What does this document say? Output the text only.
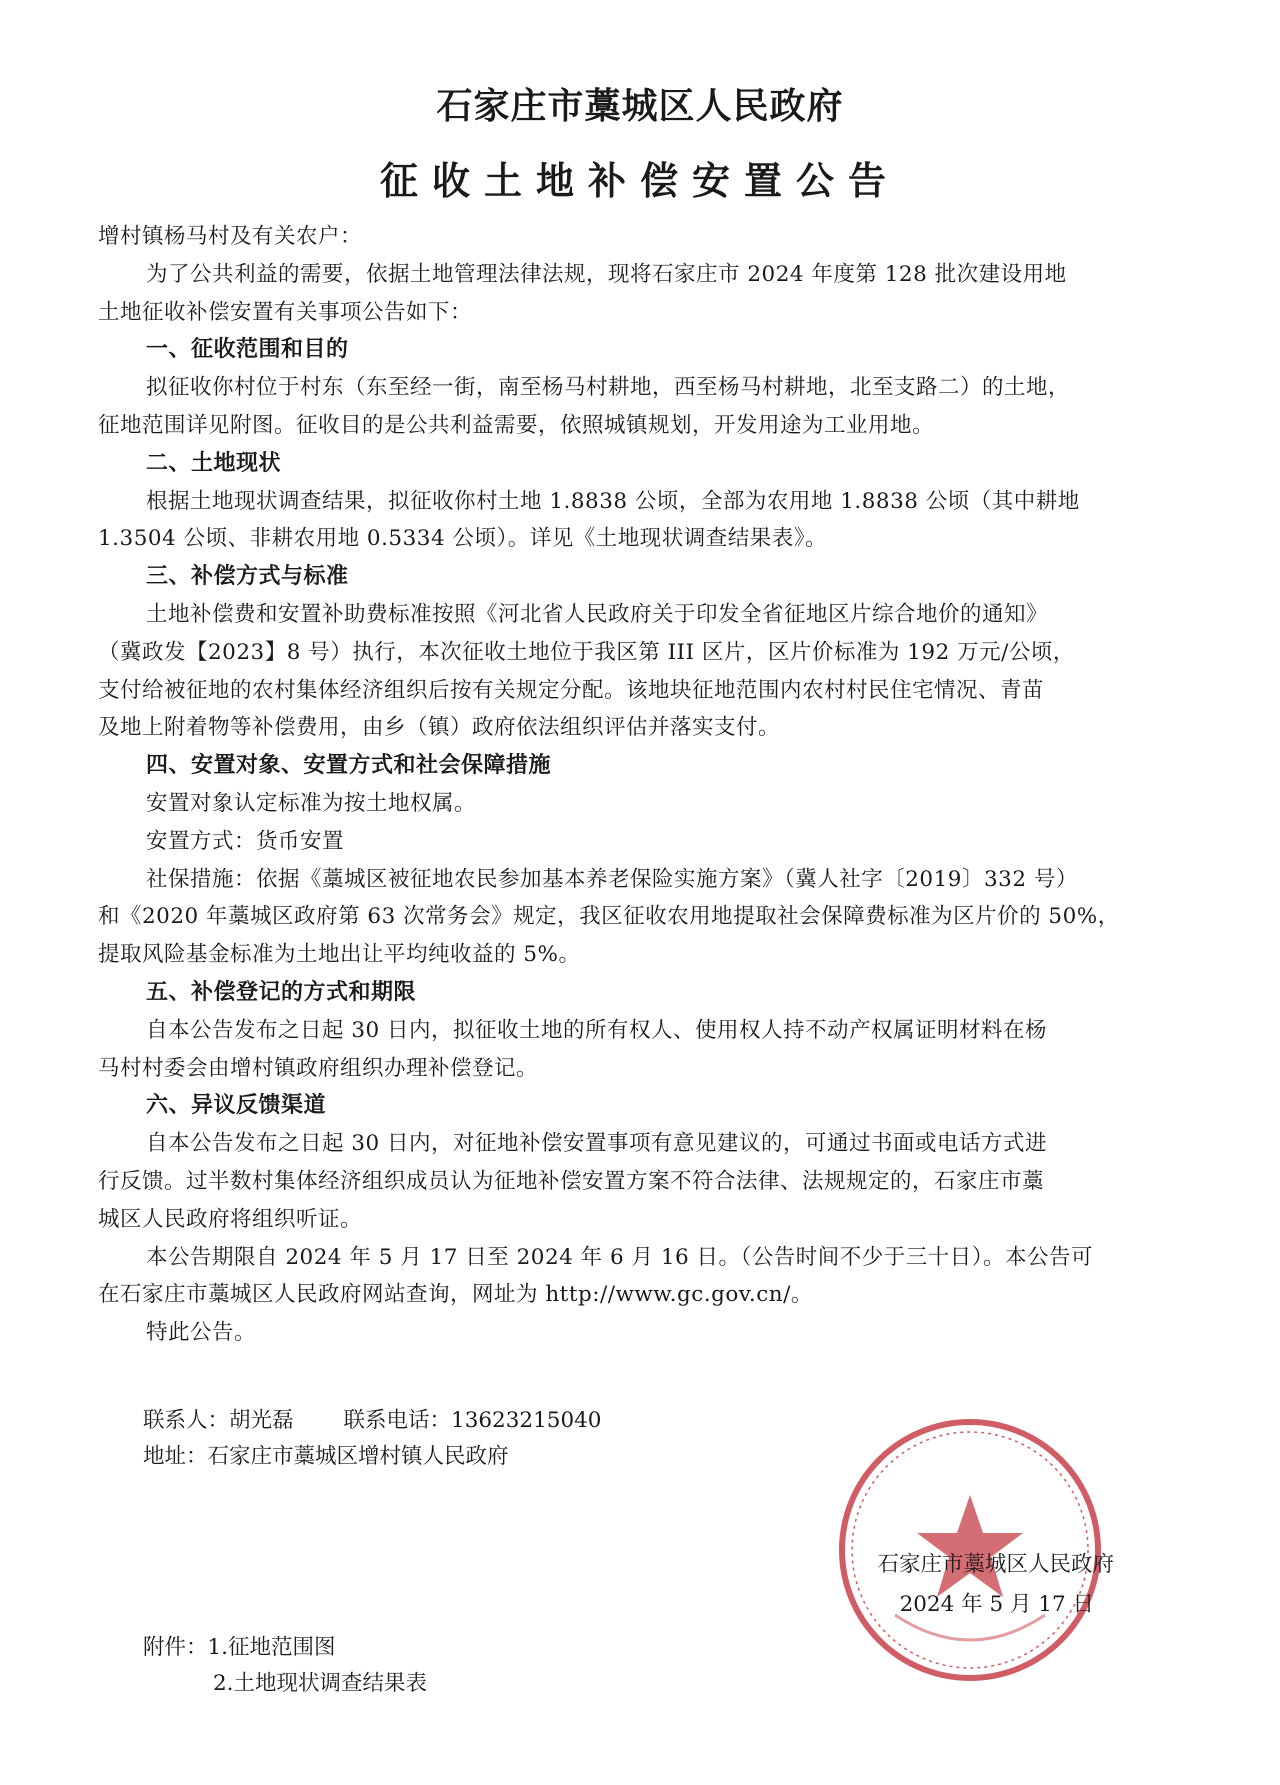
石家庄市藁城区人民政府
征收土地补偿安置公告
增村镇杨马村及有关农户：
为了公共利益的需要，依据土地管理法律法规，现将石家庄市 2024 年度第 128 批次建设用地
土地征收补偿安置有关事项公告如下：
一、征收范围和目的
拟征收你村位于村东（东至经一街，南至杨马村耕地，西至杨马村耕地，北至支路二）的土地，
征地范围详见附图。征收目的是公共利益需要，依照城镇规划，开发用途为工业用地。
二、土地现状
根据土地现状调查结果，拟征收你村土地 1.8838 公顷，全部为农用地 1.8838 公顷（其中耕地
1.3504 公顷、非耕农用地 0.5334 公顷）。详见《土地现状调查结果表》。
三、补偿方式与标准
土地补偿费和安置补助费标准按照《河北省人民政府关于印发全省征地区片综合地价的通知》
（冀政发【2023】8 号）执行，本次征收土地位于我区第 III 区片，区片价标准为 192 万元/公顷，
支付给被征地的农村集体经济组织后按有关规定分配。该地块征地范围内农村村民住宅情况、青苗
及地上附着物等补偿费用，由乡（镇）政府依法组织评估并落实支付。
四、安置对象、安置方式和社会保障措施
安置对象认定标准为按土地权属。
安置方式：货币安置
社保措施：依据《藁城区被征地农民参加基本养老保险实施方案》（冀人社字〔2019〕332 号）
和《2020 年藁城区政府第 63 次常务会》规定，我区征收农用地提取社会保障费标准为区片价的 50%，
提取风险基金标准为土地出让平均纯收益的 5%。
五、补偿登记的方式和期限
自本公告发布之日起 30 日内，拟征收土地的所有权人、使用权人持不动产权属证明材料在杨
马村村委会由增村镇政府组织办理补偿登记。
六、异议反馈渠道
自本公告发布之日起 30 日内，对征地补偿安置事项有意见建议的，可通过书面或电话方式进
行反馈。过半数村集体经济组织成员认为征地补偿安置方案不符合法律、法规规定的，石家庄市藁
城区人民政府将组织听证。
本公告期限自 2024 年 5 月 17 日至 2024 年 6 月 16 日。（公告时间不少于三十日）。本公告可
在石家庄市藁城区人民政府网站查询，网址为 http://www.gc.gov.cn/。
特此公告。
联系人：胡光磊 联系电话：13623215040
地址：石家庄市藁城区增村镇人民政府
石家庄市藁城区人民政府
2024 年 5 月 17 日
附件：1.征地范围图
2.土地现状调查结果表
